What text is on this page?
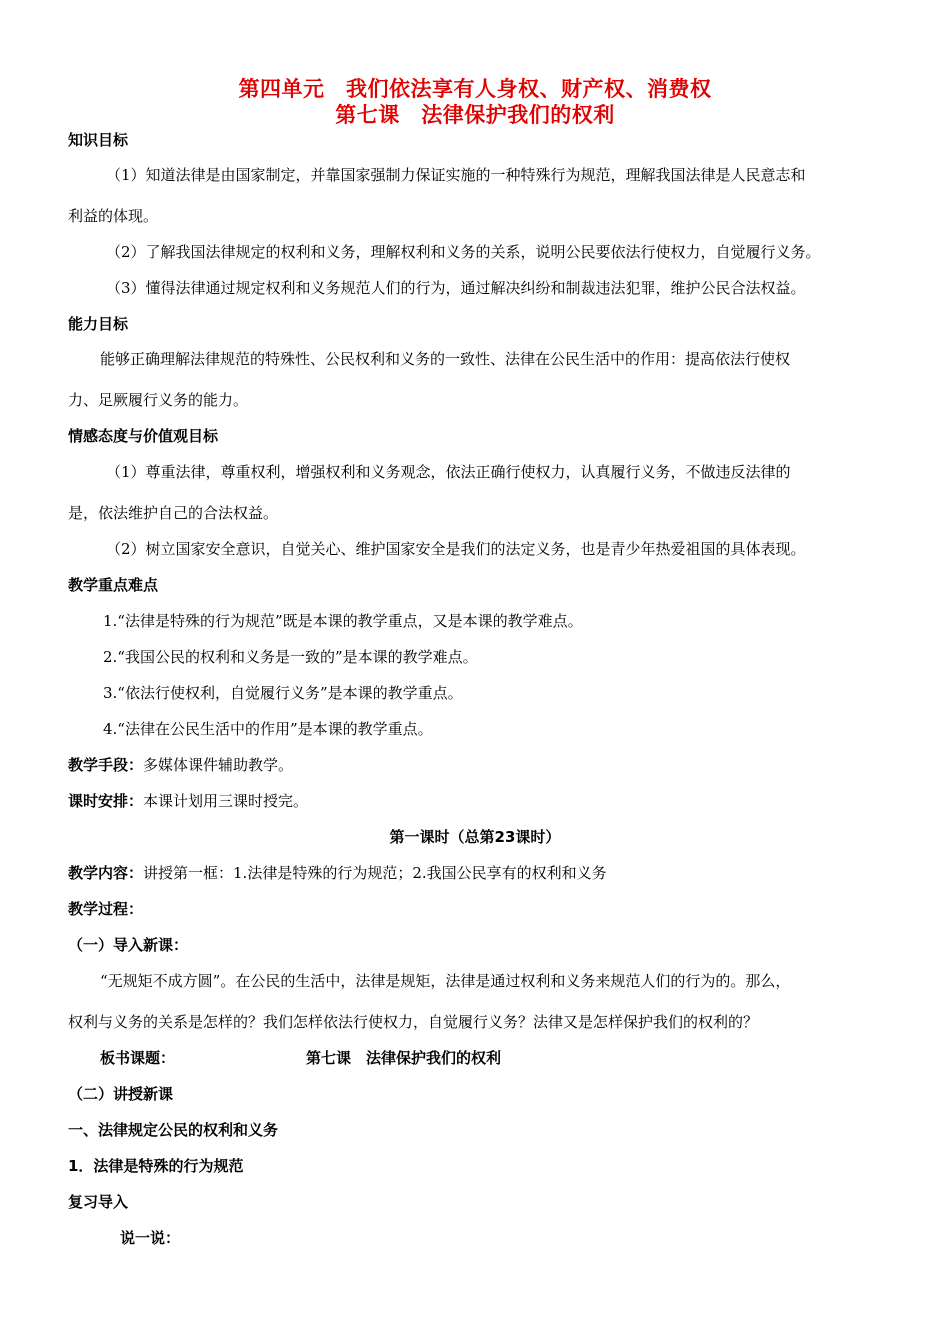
第四单元　我们依法享有人身权、财产权、消费权
第七课　法律保护我们的权利
知识目标
（1）知道法律是由国家制定，并靠国家强制力保证实施的一种特殊行为规范，理解我国法律是人民意志和
利益的体现。
（2）了解我国法律规定的权利和义务，理解权利和义务的关系，说明公民要依法行使权力，自觉履行义务。
（3）懂得法律通过规定权利和义务规范人们的行为，通过解决纠纷和制裁违法犯罪，维护公民合法权益。
能力目标
能够正确理解法律规范的特殊性、公民权利和义务的一致性、法律在公民生活中的作用：提高依法行使权
力、足厥履行义务的能力。
情感态度与价值观目标
（1）尊重法律，尊重权利，增强权利和义务观念，依法正确行使权力，认真履行义务，不做违反法律的
是，依法维护自己的合法权益。
（2）树立国家安全意识，自觉关心、维护国家安全是我们的法定义务，也是青少年热爱祖国的具体表现。
教学重点难点
1.“法律是特殊的行为规范”既是本课的教学重点，又是本课的教学难点。
2.“我国公民的权利和义务是一致的”是本课的教学难点。
3.“依法行使权利，自觉履行义务”是本课的教学重点。
4.“法律在公民生活中的作用”是本课的教学重点。
教学手段：多媒体课件辅助教学。
课时安排：本课计划用三课时授完。
第一课时（总第23课时）
教学内容：讲授第一框：1.法律是特殊的行为规范；2.我国公民享有的权利和义务
教学过程：
（一）导入新课：
“无规矩不成方圆”。在公民的生活中，法律是规矩，法律是通过权利和义务来规范人们的行为的。那么，
权利与义务的关系是怎样的？我们怎样依法行使权力，自觉履行义务？法律又是怎样保护我们的权利的？
板书课题：	第七课　法律保护我们的权利
（二）讲授新课
一、法律规定公民的权利和义务
1．法律是特殊的行为规范
复习导入
说一说：
